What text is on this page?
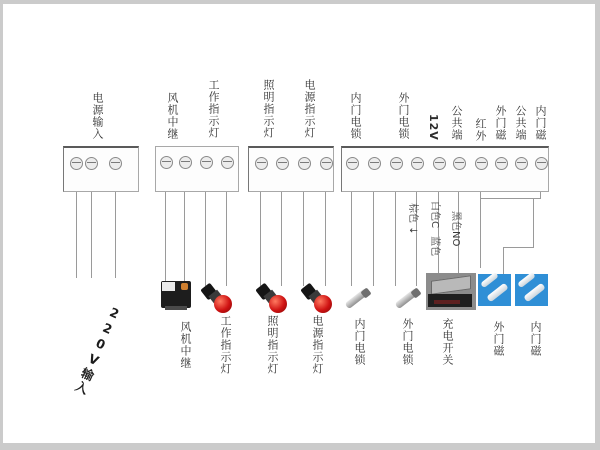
电源输入	风机中继	工作指示灯	照明指示灯	电源指示灯	内门电锁	外门电锁 12V 公共端 红外 外门磁 公共端 内门磁
棕色 ↓
白色C 蓝色	黑色NO
220V输入	风机中继 工作指示灯	照明指示灯	电源指示灯	内门电锁	外门电锁 充电开关	外门磁 内门磁
